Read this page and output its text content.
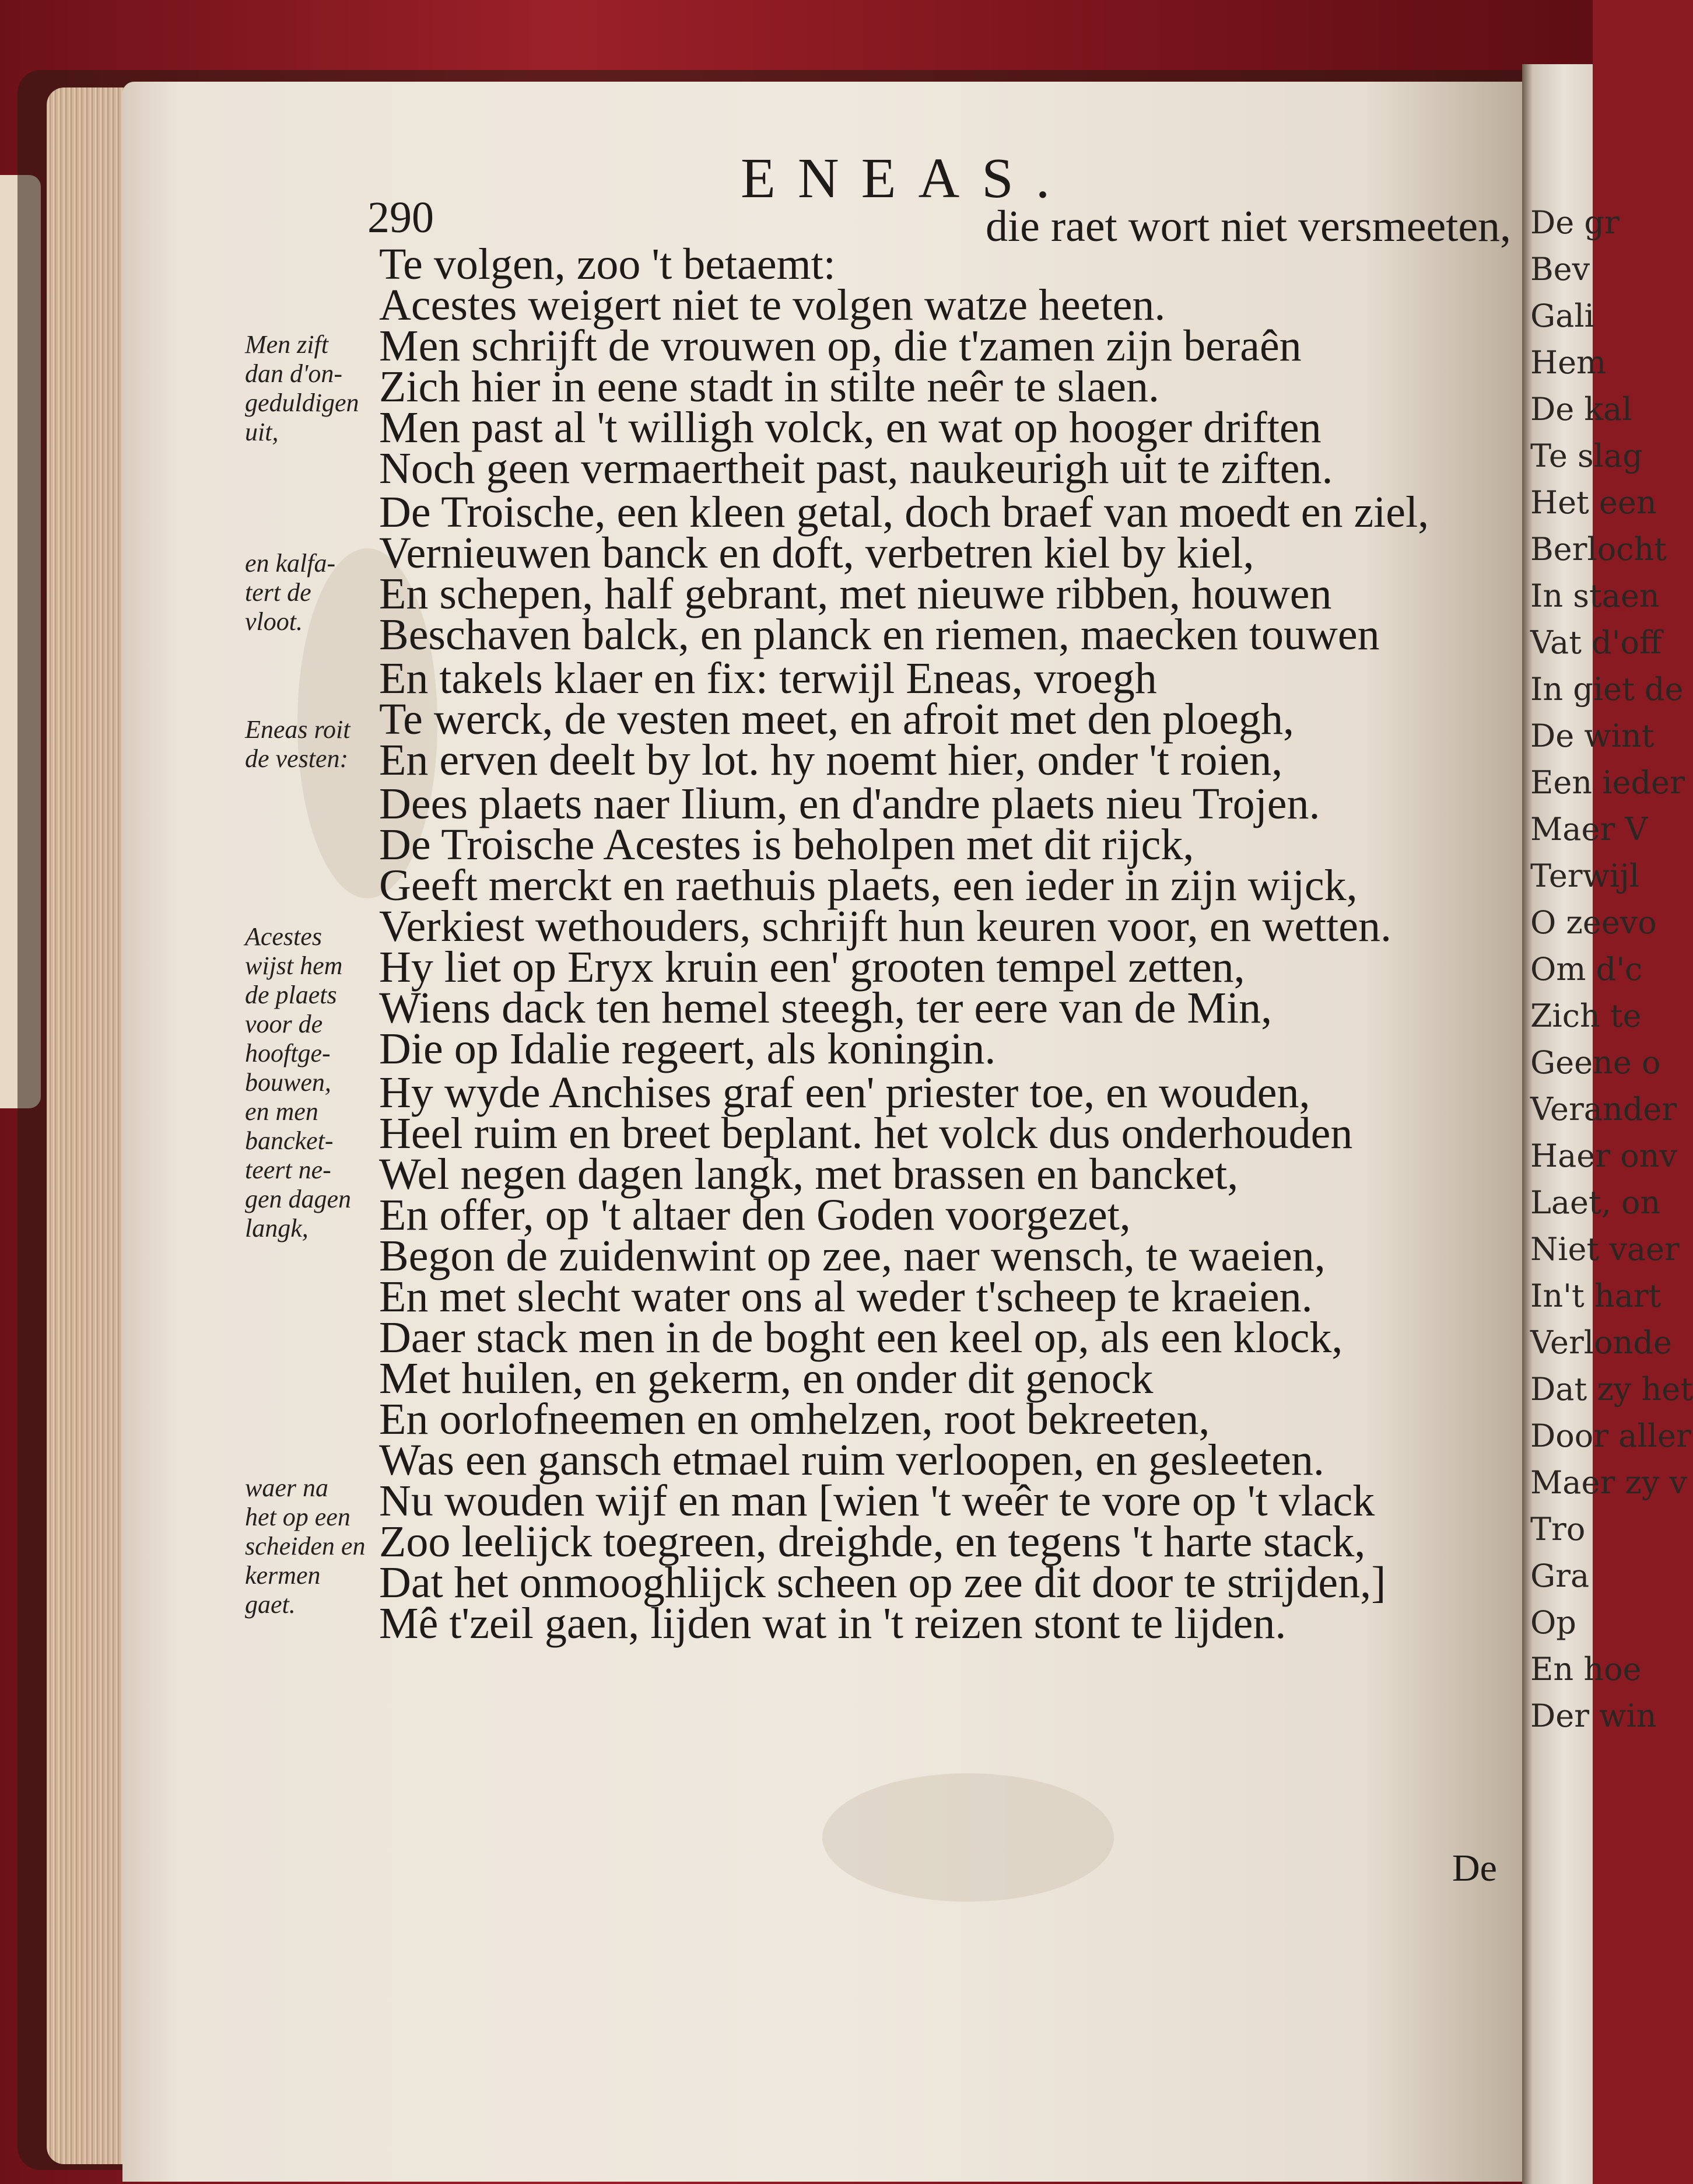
ENEAS.
290	die raet wort niet versmeeten,
Te volgen, zoo 't betaemt:
Acestes weigert niet te volgen watze heeten.
Men schrijft de vrouwen op, die t'zamen zijn beraên
Zich hier in eene stadt in stilte neêr te slaen.
Men past al 't willigh volck, en wat op hooger driften
Noch geen vermaertheit past, naukeurigh uit te ziften.
De Troische, een kleen getal, doch braef van moedt en ziel,
Vernieuwen banck en doft, verbetren kiel by kiel,
En schepen, half gebrant, met nieuwe ribben, houwen
Beschaven balck, en planck en riemen, maecken touwen
En takels klaer en fix: terwijl Eneas, vroegh
Te werck, de vesten meet, en afroit met den ploegh,
En erven deelt by lot. hy noemt hier, onder 't roien,
Dees plaets naer Ilium, en d'andre plaets nieu Trojen.
De Troische Acestes is beholpen met dit rijck,
Geeft merckt en raethuis plaets, een ieder in zijn wijck,
Verkiest wethouders, schrijft hun keuren voor, en wetten.
Hy liet op Eryx kruin een' grooten tempel zetten,
Wiens dack ten hemel steegh, ter eere van de Min,
Die op Idalie regeert, als koningin.
Hy wyde Anchises graf een' priester toe, en wouden,
Heel ruim en breet beplant. het volck dus onderhouden
Wel negen dagen langk, met brassen en bancket,
En offer, op 't altaer den Goden voorgezet,
Begon de zuidenwint op zee, naer wensch, te waeien,
En met slecht water ons al weder t'scheep te kraeien.
Daer stack men in de boght een keel op, als een klock,
Met huilen, en gekerm, en onder dit genock
En oorlofneemen en omhelzen, root bekreeten,
Was een gansch etmael ruim verloopen, en gesleeten.
Nu wouden wijf en man [wien 't weêr te vore op 't vlack
Zoo leelijck toegreen, dreighde, en tegens 't harte stack,
Dat het onmooghlijck scheen op zee dit door te strijden,]
Mê t'zeil gaen, lijden wat in 't reizen stont te lijden.
Men zift
dan d'on-
geduldigen
uit,
en kalfa-
tert de
vloot.
Eneas roit
de vesten:
Acestes
wijst hem
de plaets
voor de
hooftge-
bouwen,
en men
bancket-
teert ne-
gen dagen
langk,
waer na
het op een
scheiden en
kermen
gaet.
De
De gr
Bev
Gali
Hem
De kal
Te slag
Het een
Berlocht
In staen
Vat d'off
In giet de
De wint
Een ieder
Maer V
Terwijl
O zeevo
Om d'c
Zich te
Geene o
Verander
Haer onv
Laet, on
Niet vaer
In't hart
Verlonde
Dat zy het
Door aller
Maer zy v
Tro
Gra
Op
En hoe
Der win
